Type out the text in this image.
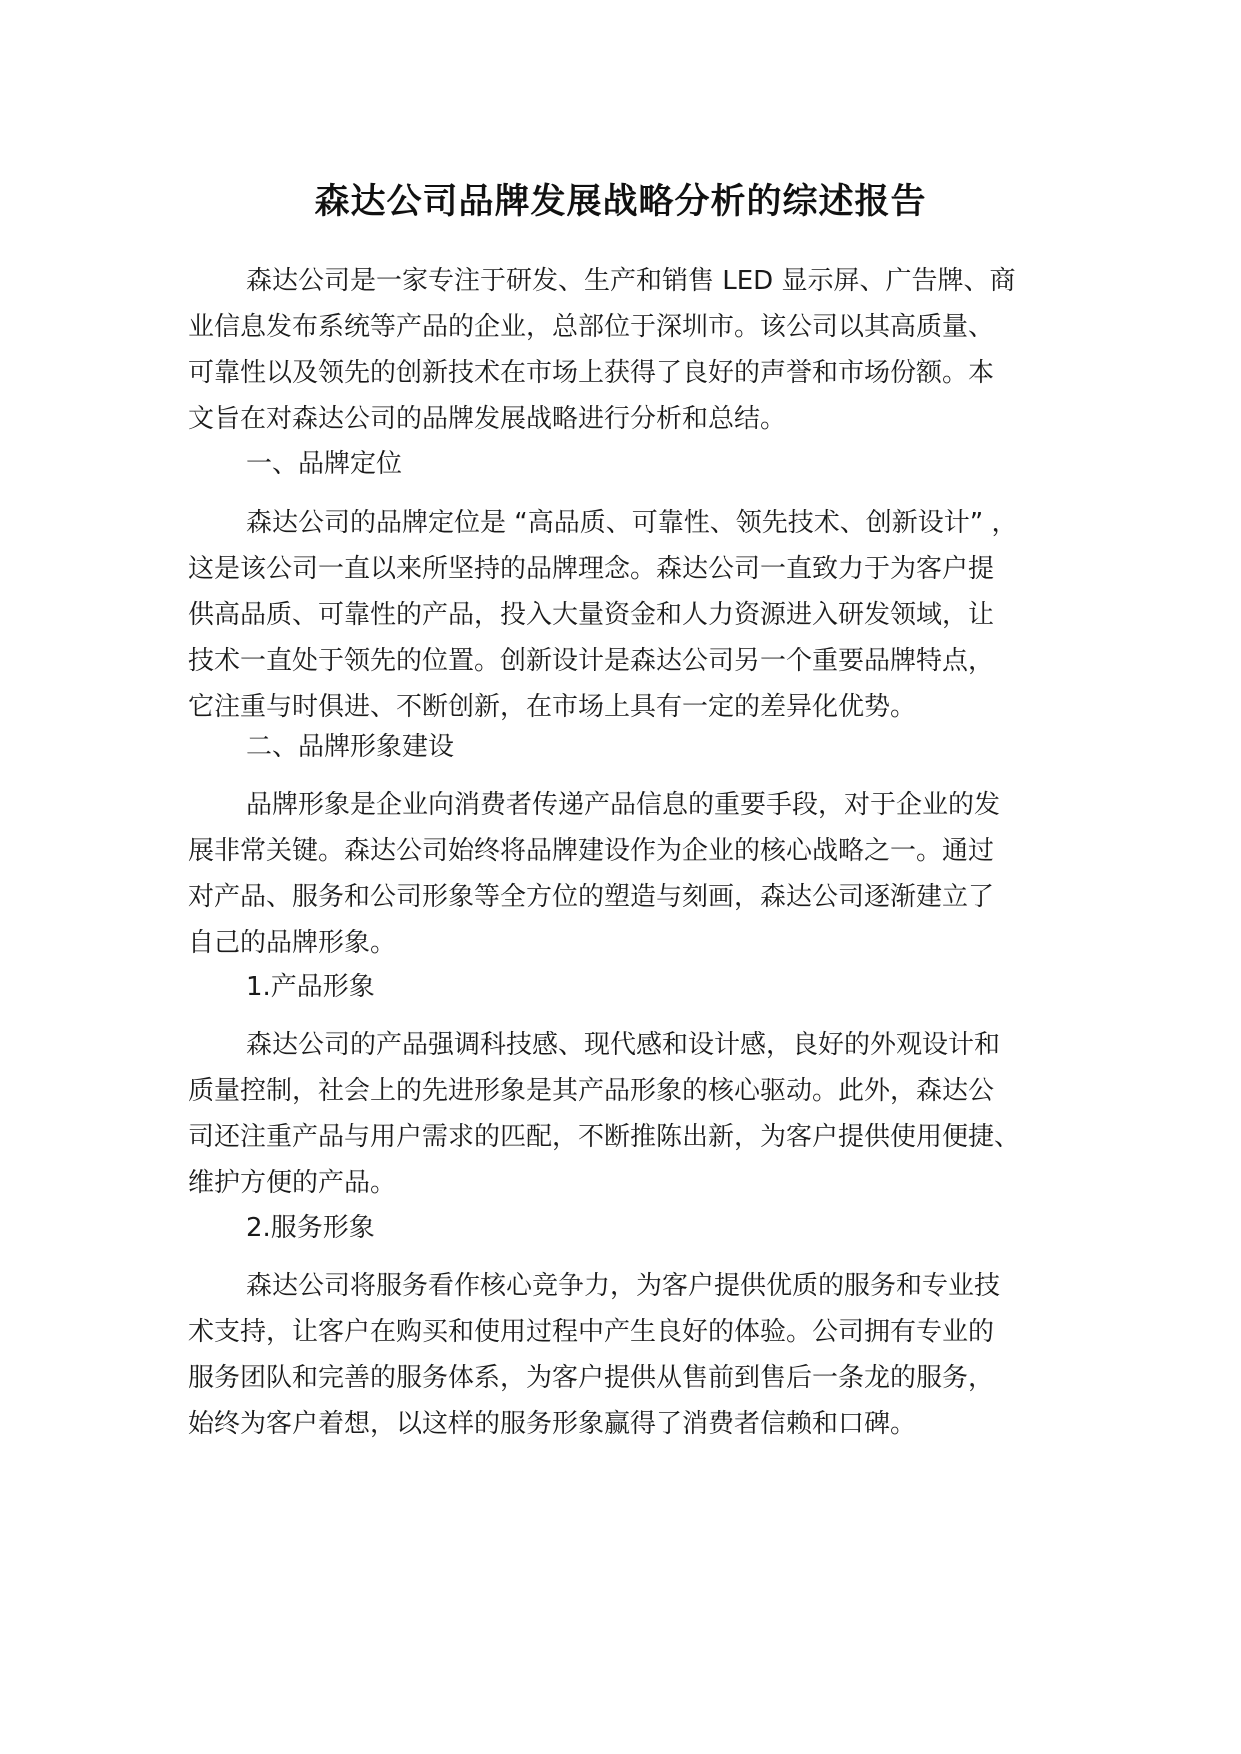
森达公司品牌发展战略分析的综述报告
森达公司是一家专注于研发、生产和销售 LED 显示屏、广告牌、商
业信息发布系统等产品的企业，总部位于深圳市。该公司以其高质量、
可靠性以及领先的创新技术在市场上获得了良好的声誉和市场份额。本
文旨在对森达公司的品牌发展战略进行分析和总结。
一、品牌定位
森达公司的品牌定位是 “高品质、可靠性、领先技术、创新设计” ，
这是该公司一直以来所坚持的品牌理念。森达公司一直致力于为客户提
供高品质、可靠性的产品，投入大量资金和人力资源进入研发领域，让
技术一直处于领先的位置。创新设计是森达公司另一个重要品牌特点，
它注重与时俱进、不断创新，在市场上具有一定的差异化优势。
二、品牌形象建设
品牌形象是企业向消费者传递产品信息的重要手段，对于企业的发
展非常关键。森达公司始终将品牌建设作为企业的核心战略之一。通过
对产品、服务和公司形象等全方位的塑造与刻画，森达公司逐渐建立了
自己的品牌形象。
1.产品形象
森达公司的产品强调科技感、现代感和设计感，良好的外观设计和
质量控制，社会上的先进形象是其产品形象的核心驱动。此外，森达公
司还注重产品与用户需求的匹配，不断推陈出新，为客户提供使用便捷、
维护方便的产品。
2.服务形象
森达公司将服务看作核心竞争力，为客户提供优质的服务和专业技
术支持，让客户在购买和使用过程中产生良好的体验。公司拥有专业的
服务团队和完善的服务体系，为客户提供从售前到售后一条龙的服务，
始终为客户着想，以这样的服务形象赢得了消费者信赖和口碑。
